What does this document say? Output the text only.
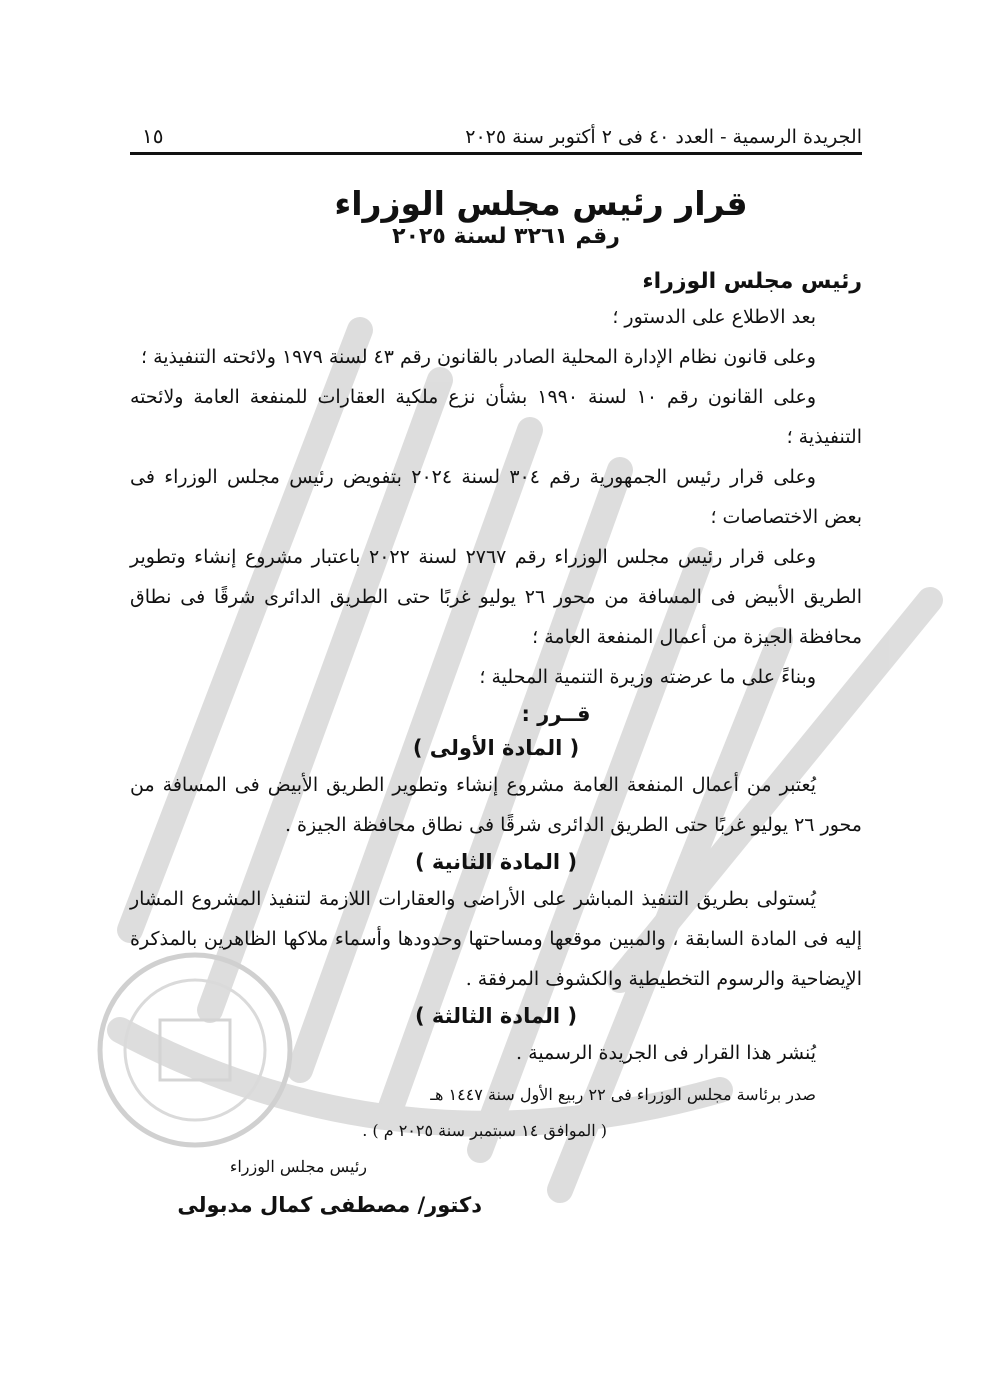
الجريدة الرسمية - العدد ٤٠ فى ٢ أكتوبر سنة ٢٠٢٥
١٥
قرار رئيس مجلس الوزراء
رقم ٣٢٦١ لسنة ٢٠٢٥
رئيس مجلس الوزراء

بعد الاطلاع على الدستور ؛

وعلى قانون نظام الإدارة المحلية الصادر بالقانون رقم ٤٣ لسنة ١٩٧٩ ولائحته التنفيذية ؛

وعلى القانون رقم ١٠ لسنة ١٩٩٠ بشأن نزع ملكية العقارات للمنفعة العامة ولائحته التنفيذية ؛

وعلى قرار رئيس الجمهورية رقم ٣٠٤ لسنة ٢٠٢٤ بتفويض رئيس مجلس الوزراء فى بعض الاختصاصات ؛

وعلى قرار رئيس مجلس الوزراء رقم ٢٧٦٧ لسنة ٢٠٢٢ باعتبار مشروع إنشاء وتطوير الطريق الأبيض فى المسافة من محور ٢٦ يوليو غربًا حتى الطريق الدائرى شرقًا فى نطاق محافظة الجيزة من أعمال المنفعة العامة ؛

وبناءً على ما عرضته وزيرة التنمية المحلية ؛

قــرر :
( المادة الأولى )

يُعتبر من أعمال المنفعة العامة مشروع إنشاء وتطوير الطريق الأبيض فى المسافة من محور ٢٦ يوليو غربًا حتى الطريق الدائرى شرقًا فى نطاق محافظة الجيزة .

( المادة الثانية )

يُستولى بطريق التنفيذ المباشر على الأراضى والعقارات اللازمة لتنفيذ المشروع المشار إليه فى المادة السابقة ، والمبين موقعها ومساحتها وحدودها وأسماء ملاكها الظاهرين بالمذكرة الإيضاحية والرسوم التخطيطية والكشوف المرفقة .

( المادة الثالثة )

يُنشر هذا القرار فى الجريدة الرسمية .

صدر برئاسة مجلس الوزراء فى ٢٢ ربيع الأول سنة ١٤٤٧ هـ
( الموافق ١٤ سبتمبر سنة ٢٠٢٥ م ) .
رئيس مجلس الوزراء
دكتور/ مصطفى كمال مدبولى
